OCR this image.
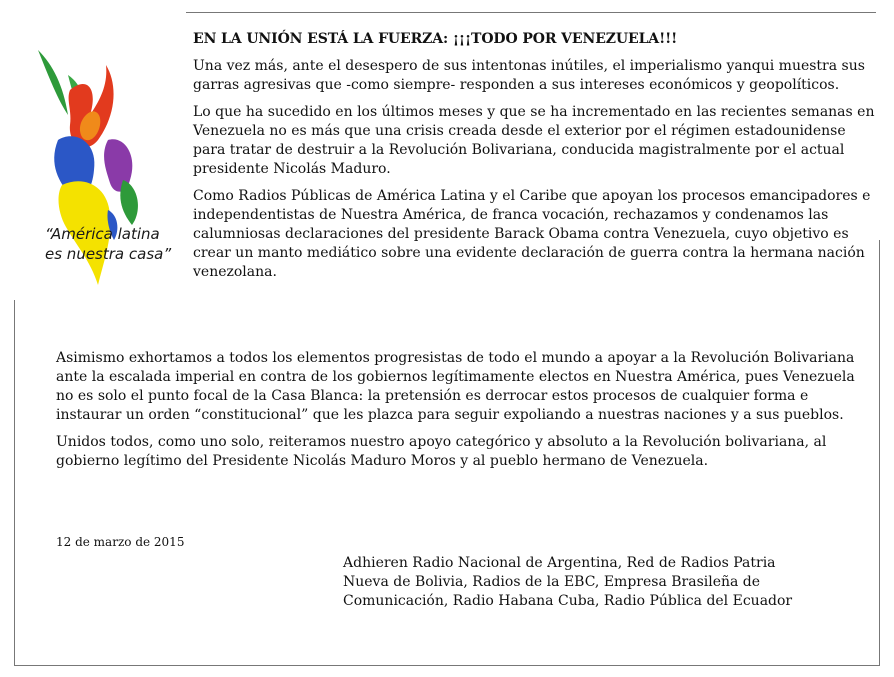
“América latina
es nuestra casa”

EN LA UNIÓN ESTÁ LA FUERZA: ¡¡¡TODO POR VENEZUELA!!!

Una vez más, ante el desespero de sus intentonas inútiles, el imperialismo yanqui muestra sus garras agresivas que -como siempre- responden a sus intereses económicos y geopolíticos.

Lo que ha sucedido en los últimos meses y que se ha incrementado en las recientes semanas en Venezuela no es más que una crisis creada desde el exterior por el régimen estadounidense para tratar de destruir a la Revolución Bolivariana, conducida magistralmente por el actual presidente Nicolás Maduro.

Como Radios Públicas de América Latina y el Caribe que apoyan los procesos emancipadores e independentistas de Nuestra América, de franca vocación, rechazamos y condenamos las calumniosas declaraciones del presidente Barack Obama contra Venezuela, cuyo objetivo es crear un manto mediático sobre una evidente declaración de guerra contra la hermana nación venezolana.

Asimismo exhortamos a todos los elementos progresistas de todo el mundo a apoyar a la Revolución Bolivariana ante la escalada imperial en contra de los gobiernos legítimamente electos en Nuestra América, pues Venezuela no es solo el punto focal de la Casa Blanca: la pretensión es derrocar estos procesos de cualquier forma e instaurar un orden “constitucional” que les plazca para seguir expoliando a nuestras naciones y a sus pueblos.

Unidos todos, como uno solo, reiteramos nuestro apoyo categórico y absoluto a la Revolución bolivariana, al gobierno legítimo del Presidente Nicolás Maduro Moros y al pueblo hermano de Venezuela.

12 de marzo de 2015
Adhieren Radio Nacional de Argentina, Red de Radios Patria
Nueva de Bolivia, Radios de la EBC, Empresa Brasileña de
Comunicación, Radio Habana Cuba, Radio Pública del Ecuador
